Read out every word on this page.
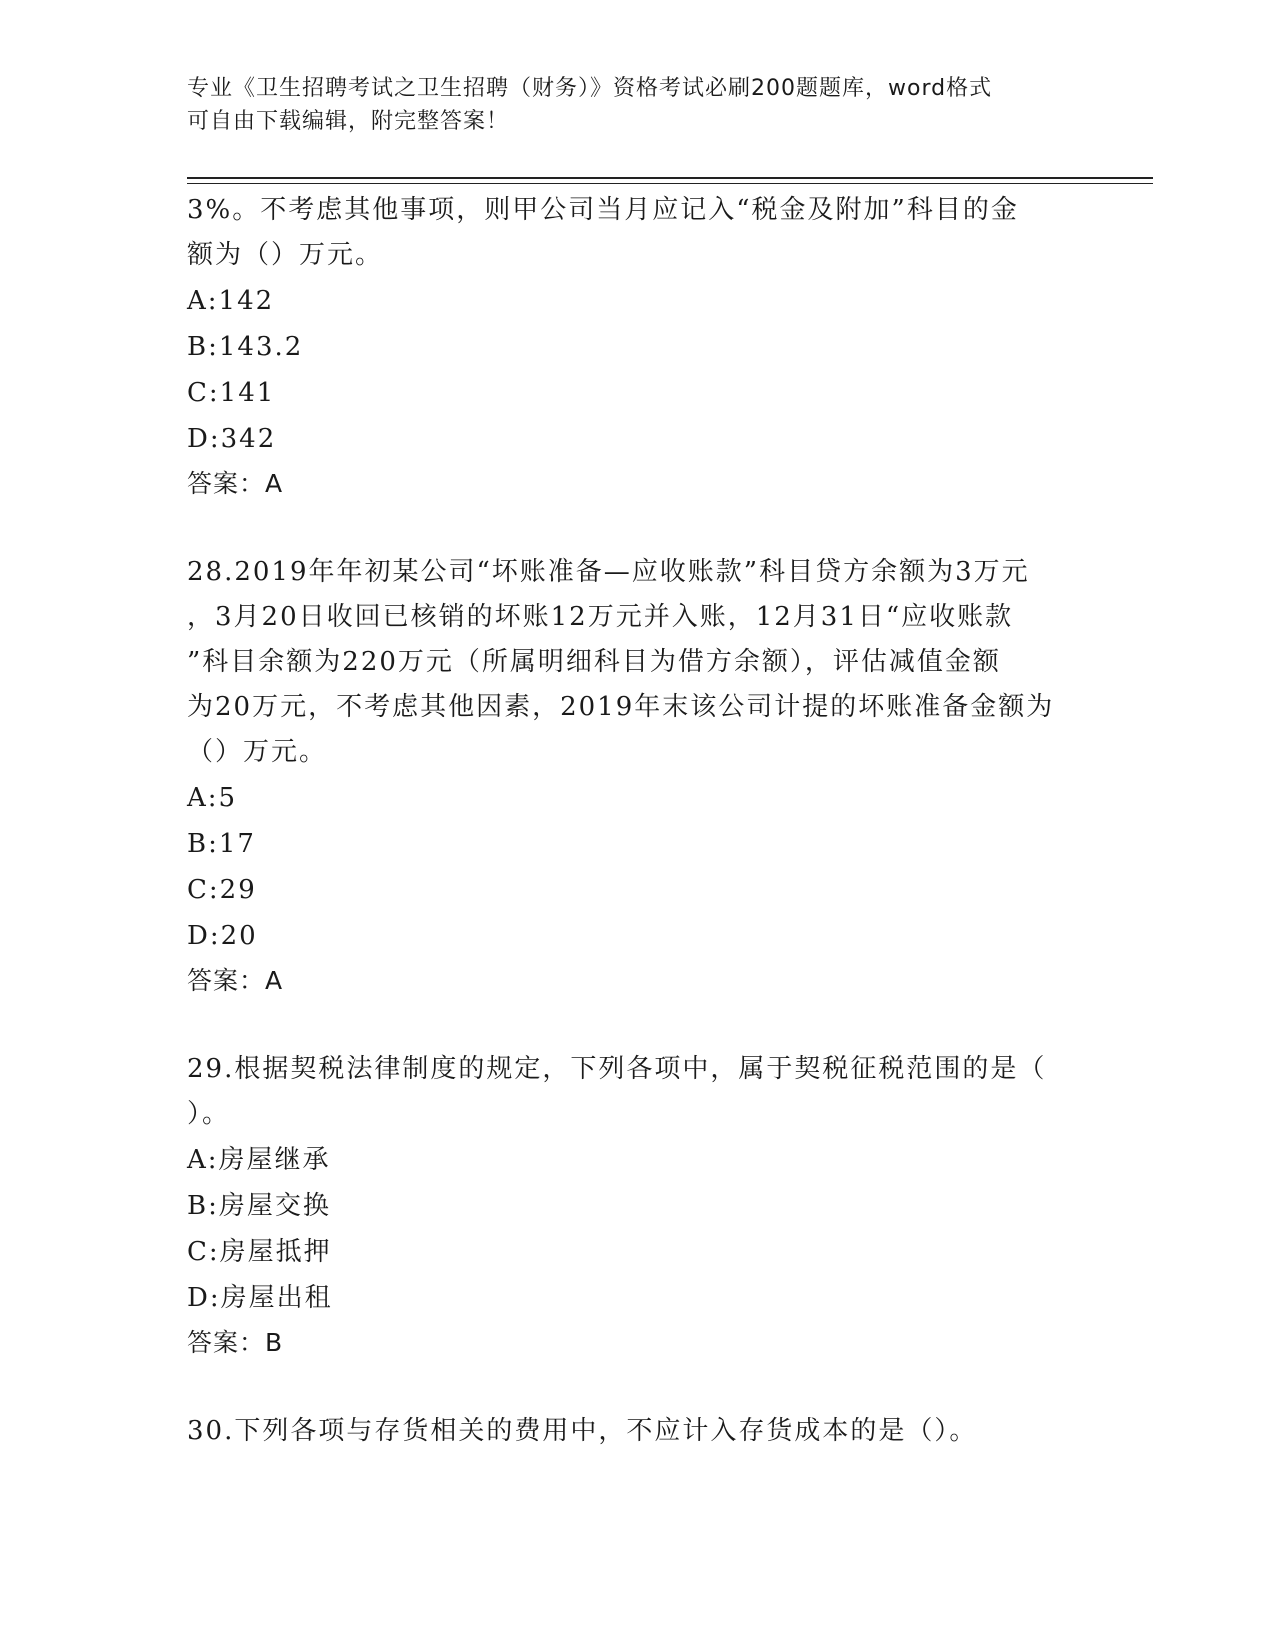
专业《卫生招聘考试之卫生招聘（财务）》资格考试必刷200题题库，word格式
可自由下载编辑，附完整答案！

3%。不考虑其他事项，则甲公司当月应记入“税金及附加”科目的金
额为（）万元。

A:142

B:143.2

C:141

D:342

答案：A

28.2019年年初某公司“坏账准备—应收账款”科目贷方余额为3万元
，3月20日收回已核销的坏账12万元并入账，12月31日“应收账款
”科目余额为220万元（所属明细科目为借方余额），评估减值金额
为20万元，不考虑其他因素，2019年末该公司计提的坏账准备金额为
（）万元。

A:5

B:17

C:29

D:20

答案：A

29.根据契税法律制度的规定，下列各项中，属于契税征税范围的是（
）。

A:房屋继承

B:房屋交换

C:房屋抵押

D:房屋出租

答案：B

30.下列各项与存货相关的费用中，不应计入存货成本的是（）。
